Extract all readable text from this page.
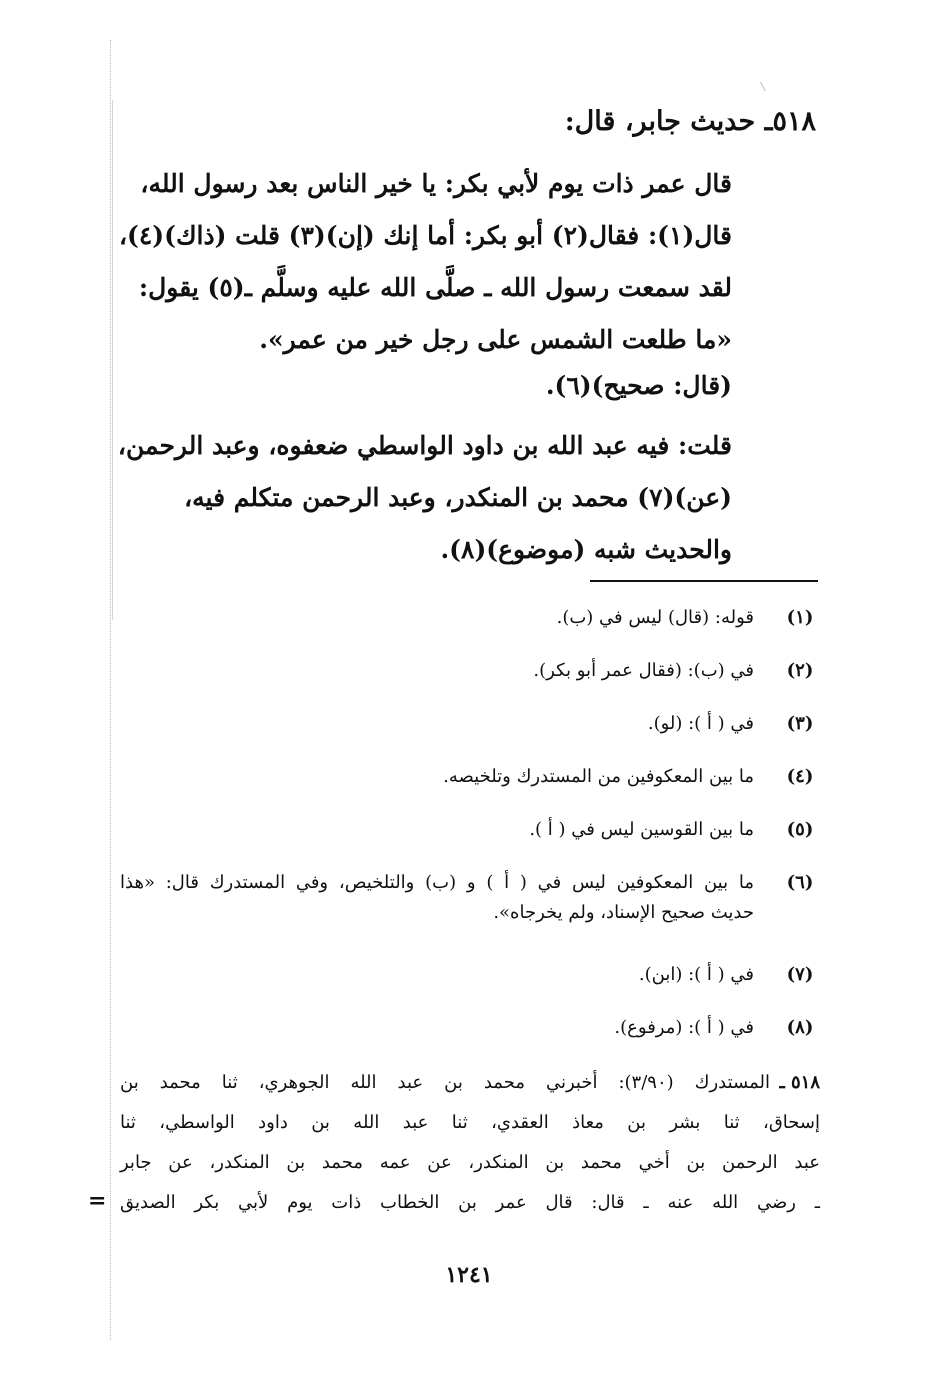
٥١٨ـ حديث جابر، قال:
قال عمر ذات يوم لأبي بكر: يا خير الناس بعد رسول الله،
قال(١): فقال(٢) أبو بكر: أما إنك (إن)(٣) قلت (ذاك)(٤)،
لقد سمعت رسول الله ـ صلَّى الله عليه وسلَّم ـ(٥) يقول:
«ما طلعت الشمس على رجل خير من عمر».
(قال: صحيح)(٦).
قلت: فيه عبد الله بن داود الواسطي ضعفوه، وعبد الرحمن،
(عن)(٧) محمد بن المنكدر، وعبد الرحمن متكلم فيه،
والحديث شبه (موضوع)(٨).
(١)
قوله: (قال) ليس في (ب).
(٢)
في (ب): (فقال عمر أبو بكر).
(٣)
في ( أ ): (لو).
(٤)
ما بين المعكوفين من المستدرك وتلخيصه.
(٥)
ما بين القوسين ليس في ( أ ).
(٦)
ما بين المعكوفين ليس في ( أ ) و (ب) والتلخيص، وفي المستدرك قال: «هذا
حديث صحيح الإسناد، ولم يخرجاه».
(٧)
في ( أ ): (ابن).
(٨)
في ( أ ): (مرفوع).
٥١٨ ـ
المستدرك (٣/٩٠): أخبرني محمد بن عبد الله الجوهري، ثنا محمد بن
إسحاق، ثنا بشر بن معاذ العقدي، ثنا عبد الله بن داود الواسطي، ثنا
عبد الرحمن بن أخي محمد بن المنكدر، عن عمه محمد بن المنكدر، عن جابر
ـ رضي الله عنه ـ قال: قال عمر بن الخطاب ذات يوم لأبي بكر الصديق
=
١٢٤١
